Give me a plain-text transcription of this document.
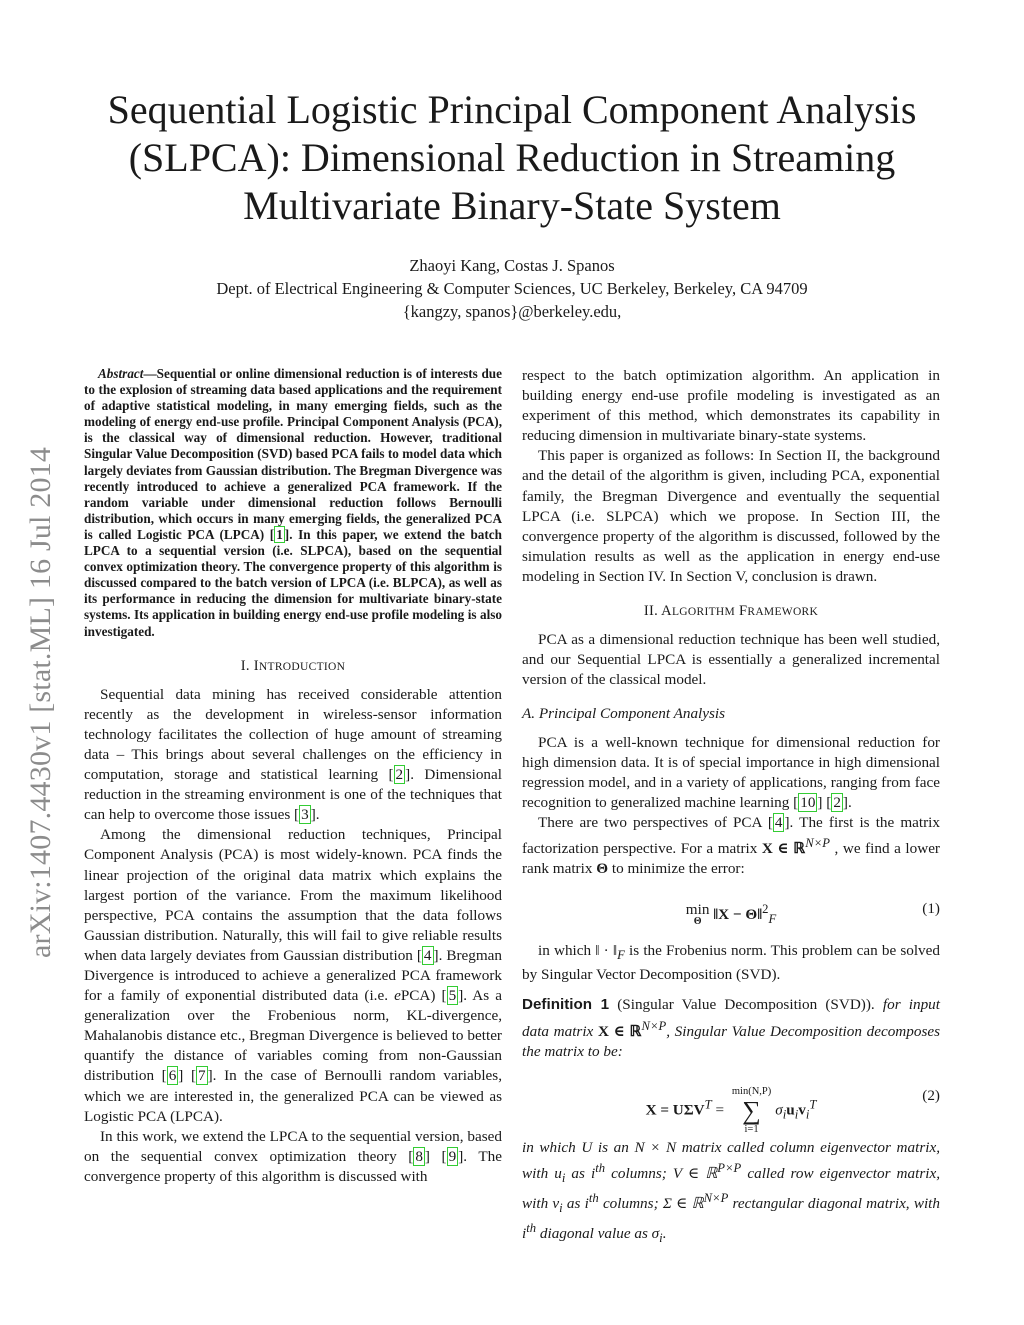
arXiv:1407.4430v1 [stat.ML] 16 Jul 2014
Sequential Logistic Principal Component Analysis (SLPCA): Dimensional Reduction in Streaming Multivariate Binary-State System
Zhaoyi Kang, Costas J. Spanos
Dept. of Electrical Engineering & Computer Sciences, UC Berkeley, Berkeley, CA 94709
{kangzy, spanos}@berkeley.edu,

Abstract—Sequential or online dimensional reduction is of interests due to the explosion of streaming data based applications and the requirement of adaptive statistical modeling, in many emerging fields, such as the modeling of energy end-use profile. Principal Component Analysis (PCA), is the classical way of dimensional reduction. However, traditional Singular Value Decomposition (SVD) based PCA fails to model data which largely deviates from Gaussian distribution. The Bregman Divergence was recently introduced to achieve a generalized PCA framework. If the random variable under dimensional reduction follows Bernoulli distribution, which occurs in many emerging fields, the generalized PCA is called Logistic PCA (LPCA) [ 1 ]. In this paper, we extend the batch LPCA to a sequential version (i.e. SLPCA), based on the sequential convex optimization theory. The convergence property of this algorithm is discussed compared to the batch version of LPCA (i.e. BLPCA), as well as its performance in reducing the dimension for multivariate binary-state systems. Its application in building energy end-use profile modeling is also investigated.

I. INTRODUCTION

Sequential data mining has received considerable attention recently as the development in wireless-sensor information technology facilitates the collection of huge amount of streaming data – This brings about several challenges on the efficiency in computation, storage and statistical learning [ 2 ]. Dimensional reduction in the streaming environment is one of the techniques that can help to overcome those issues [ 3 ].

Among the dimensional reduction techniques, Principal Component Analysis (PCA) is most widely-known. PCA finds the linear projection of the original data matrix which explains the largest portion of the variance. From the maximum likelihood perspective, PCA contains the assumption that the data follows Gaussian distribution. Naturally, this will fail to give reliable results when data largely deviates from Gaussian distribution [ 4 ]. Bregman Divergence is introduced to achieve a generalized PCA framework for a family of exponential distributed data (i.e. ePCA) [ 5 ]. As a generalization over the Frobenious norm, KL-divergence, Mahalanobis distance etc., Bregman Divergence is believed to better quantify the distance of variables coming from non-Gaussian distribution [ 6 ] [ 7 ]. In the case of Bernoulli random variables, which we are interested in, the generalized PCA can be viewed as Logistic PCA (LPCA).

In this work, we extend the LPCA to the sequential version, based on the sequential convex optimization theory [ 8 ] [ 9 ]. The convergence property of this algorithm is discussed with

respect to the batch optimization algorithm. An application in building energy end-use profile modeling is investigated as an experiment of this method, which demonstrates its capability in reducing dimension in multivariate binary-state systems.

This paper is organized as follows: In Section II, the background and the detail of the algorithm is given, including PCA, exponential family, the Bregman Divergence and eventually the sequential LPCA (i.e. SLPCA) which we propose. In Section III, the convergence property of the algorithm is discussed, followed by the simulation results as well as the application in energy end-use modeling in Section IV. In Section V, conclusion is drawn.

II. ALGORITHM FRAMEWORK

PCA as a dimensional reduction technique has been well studied, and our Sequential LPCA is essentially a generalized incremental version of the classical model.

A. Principal Component Analysis

PCA is a well-known technique for dimensional reduction for high dimension data. It is of special importance in high dimensional regression model, and in a variety of applications, ranging from face recognition to generalized machine learning [ 10 ] [ 2 ].

There are two perspectives of PCA [ 4 ]. The first is the matrix factorization perspective. For a matrix X ∈ ℝ$^{N\times P}$ , we find a lower rank matrix Θ to minimize the error:

min
Θ ‖X − Θ‖$^2_F$
(1)

in which ‖ · $‖_F$ is the Frobenius norm. This problem can be solved by Singular Vector Decomposition (SVD).

Definition 1 (Singular Value Decomposition (SVD)). for input data matrix X ∈ ℝ$^{N\times P}$, Singular Value Decomposition decomposes the matrix to be:

$X = U\Sigma V^T$ =
min(N,P)
∑
i=1
$\sigma_iu_iv_i^T$
(2)

in which U is an N × N matrix called column eigenvector matrix, with $u_i$ as $i^{th}$ columns; V ∈ ℝ$^{P\times P}$ called row eigenvector matrix, with $v_i$ as $i^{th}$ columns; Σ ∈ ℝ$^{N\times P}$ rectangular diagonal matrix, with $i^{th}$ diagonal value as $\sigma_i$.
